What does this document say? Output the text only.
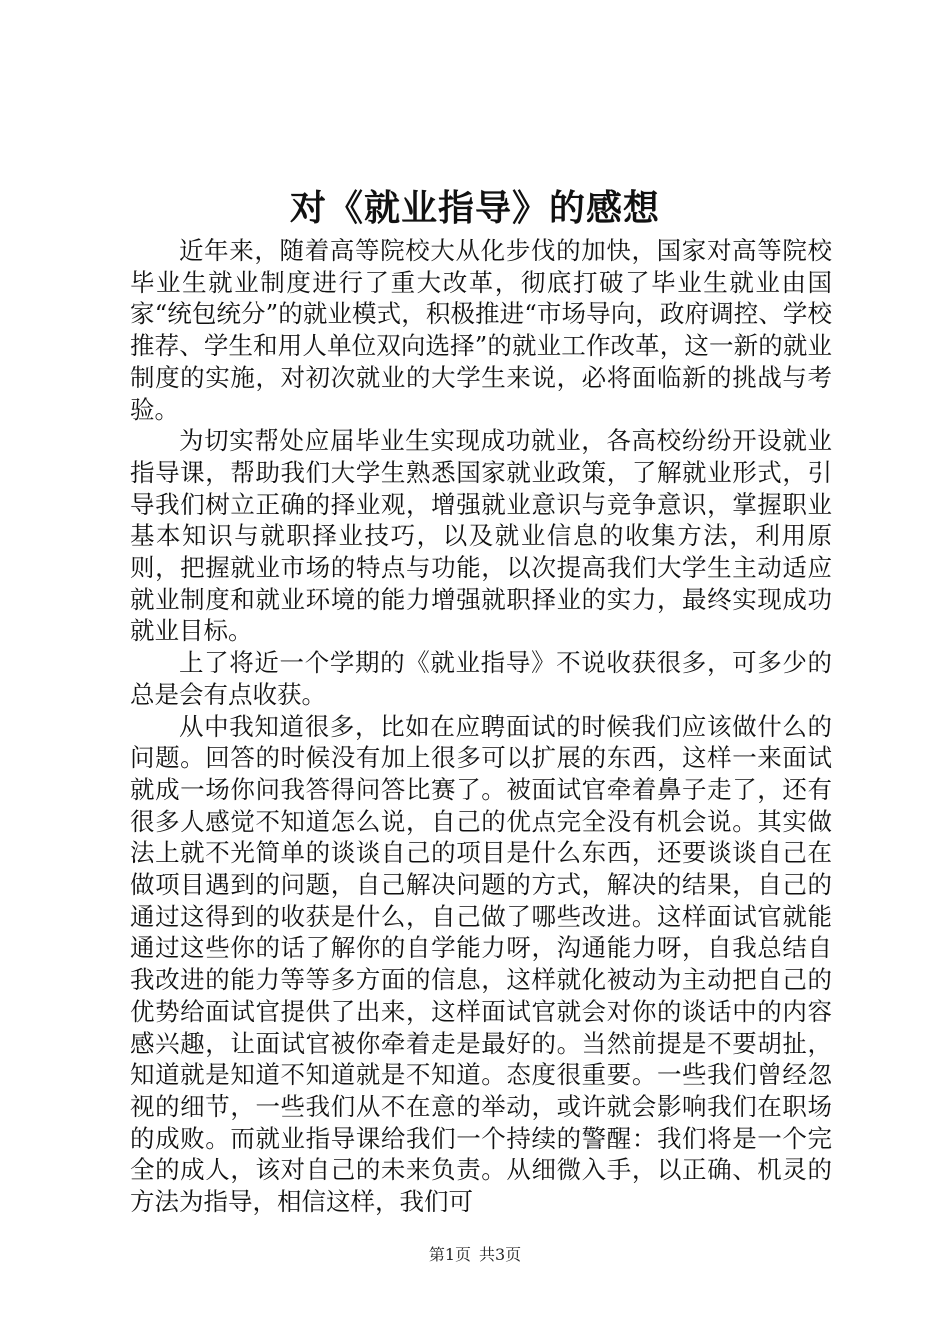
对《就业指导》的感想

近年来，随着高等院校大从化步伐的加快，国家对高等院校毕业生就业制度进行了重大改革，彻底打破了毕业生就业由国家“统包统分”的就业模式，积极推进“市场导向，政府调控、学校推荐、学生和用人单位双向选择”的就业工作改革，这一新的就业制度的实施，对初次就业的大学生来说，必将面临新的挑战与考验。

为切实帮处应届毕业生实现成功就业，各高校纷纷开设就业指导课，帮助我们大学生熟悉国家就业政策，了解就业形式，引导我们树立正确的择业观，增强就业意识与竞争意识，掌握职业基本知识与就职择业技巧，以及就业信息的收集方法，利用原则，把握就业市场的特点与功能，以次提高我们大学生主动适应就业制度和就业环境的能力增强就职择业的实力，最终实现成功就业目标。

上了将近一个学期的《就业指导》不说收获很多，可多少的总是会有点收获。

从中我知道很多，比如在应聘面试的时候我们应该做什么的问题。回答的时候没有加上很多可以扩展的东西，这样一来面试就成一场你问我答得问答比赛了。被面试官牵着鼻子走了，还有很多人感觉不知道怎么说，自己的优点完全没有机会说。其实做法上就不光简单的谈谈自己的项目是什么东西，还要谈谈自己在做项目遇到的问题，自己解决问题的方式，解决的结果，自己的通过这得到的收获是什么，自己做了哪些改进。这样面试官就能通过这些你的话了解你的自学能力呀，沟通能力呀，自我总结自我改进的能力等等多方面的信息，这样就化被动为主动把自己的优势给面试官提供了出来，这样面试官就会对你的谈话中的内容感兴趣，让面试官被你牵着走是最好的。当然前提是不要胡扯，知道就是知道不知道就是不知道。态度很重要。一些我们曾经忽视的细节，一些我们从不在意的举动，或许就会影响我们在职场的成败。而就业指导课给我们一个持续的警醒：我们将是一个完全的成人，该对自己的未来负责。从细微入手，以正确、机灵的方法为指导，相信这样，我们可

第1页 共3页
